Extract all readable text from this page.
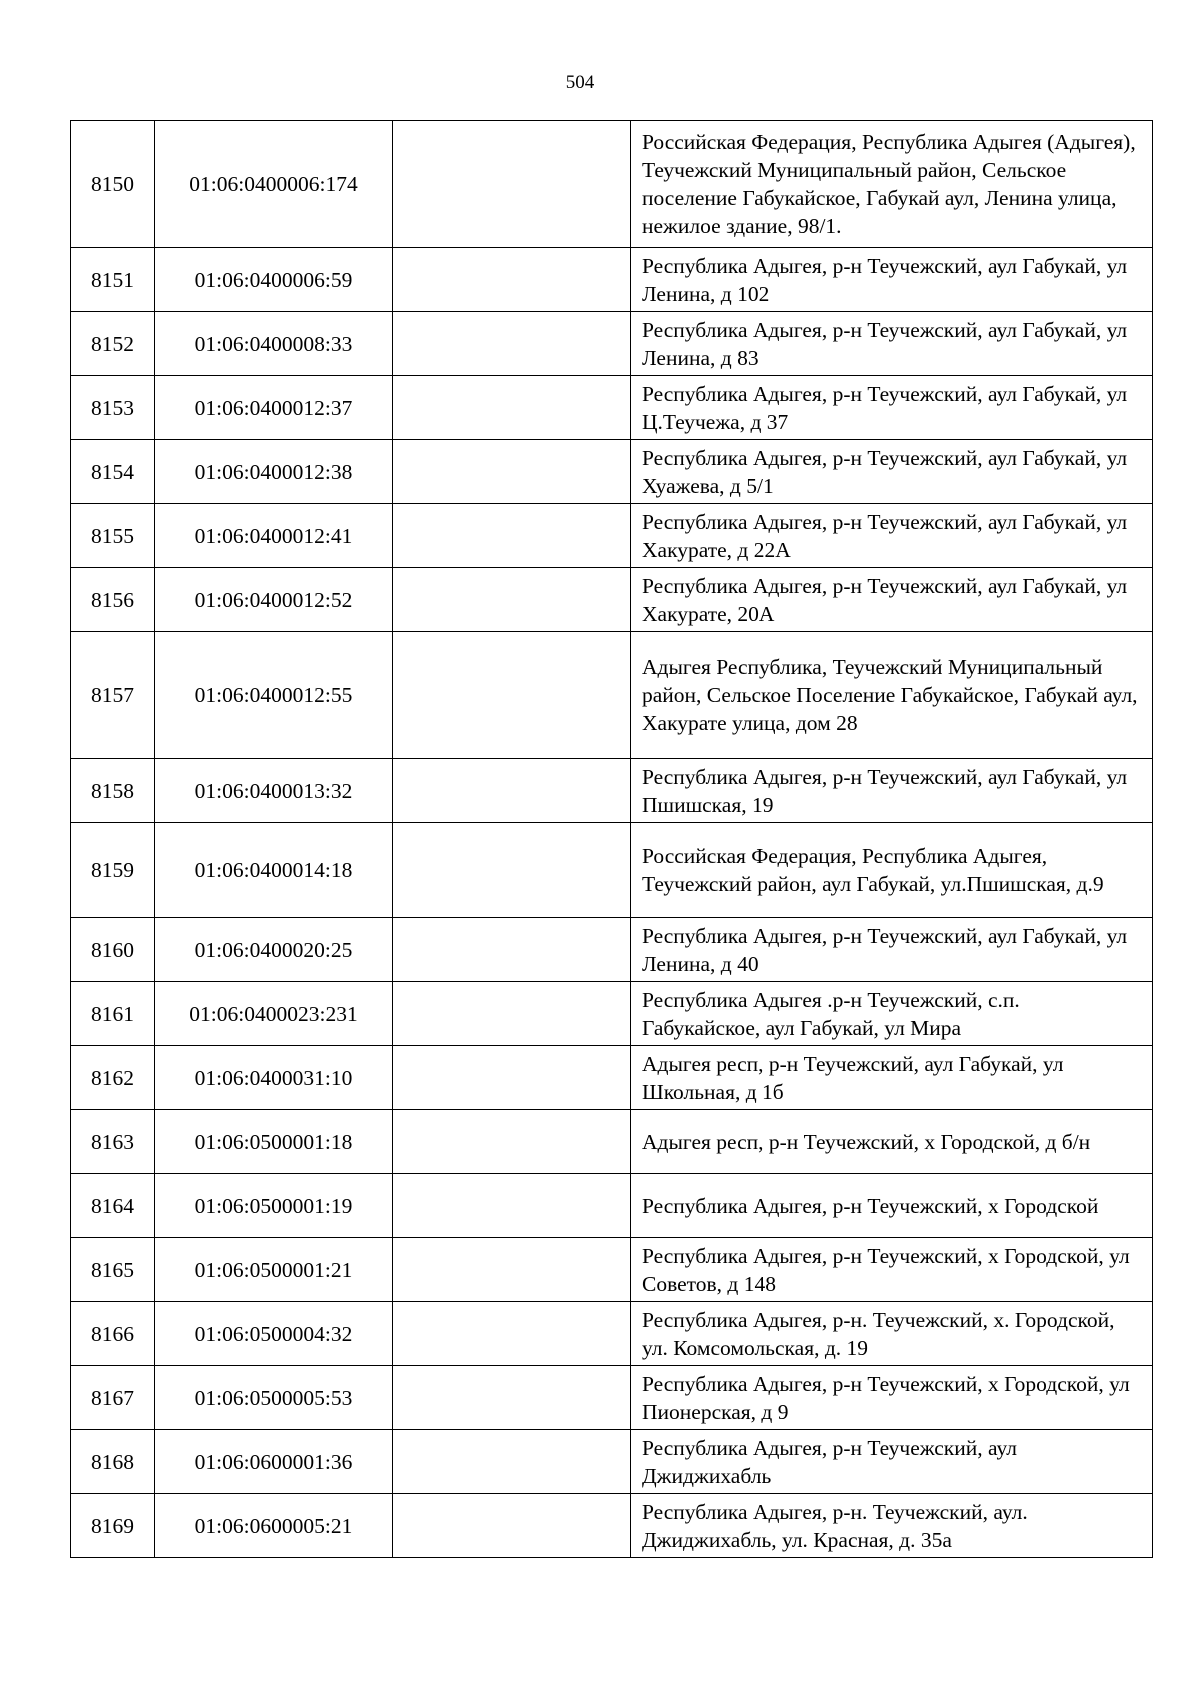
504
8150	01:06:0400006:174		Российская Федерация, Республика Адыгея (Адыгея), Теучежский Муниципальный район, Сельское поселение Габукайское, Габукай аул, Ленина улица, нежилое здание, 98/1.
8151	01:06:0400006:59		Республика Адыгея, р-н Теучежский, аул Габукай, ул Ленина, д 102
8152	01:06:0400008:33		Республика Адыгея, р-н Теучежский, аул Габукай, ул Ленина, д 83
8153	01:06:0400012:37		Республика Адыгея, р-н Теучежский, аул Габукай, ул Ц.Теучежа, д 37
8154	01:06:0400012:38		Республика Адыгея, р-н Теучежский, аул Габукай, ул Хуажева, д 5/1
8155	01:06:0400012:41		Республика Адыгея, р-н Теучежский, аул Габукай, ул Хакурате, д 22А
8156	01:06:0400012:52		Республика Адыгея, р-н Теучежский, аул Габукай, ул Хакурате, 20А
8157	01:06:0400012:55		Адыгея Республика, Теучежский Муниципальный район, Сельское Поселение Габукайское, Габукай аул, Хакурате улица, дом 28
8158	01:06:0400013:32		Республика Адыгея, р-н Теучежский, аул Габукай, ул Пшишская, 19
8159	01:06:0400014:18		Российская Федерация, Республика Адыгея, Теучежский район, аул Габукай, ул.Пшишская, д.9
8160	01:06:0400020:25		Республика Адыгея, р-н Теучежский, аул Габукай, ул Ленина, д 40
8161	01:06:0400023:231		Республика Адыгея .р-н Теучежский, с.п. Габукайское, аул Габукай, ул Мира
8162	01:06:0400031:10		Адыгея респ, р-н Теучежский, аул Габукай, ул Школьная, д 1б
8163	01:06:0500001:18		Адыгея респ, р-н Теучежский, х Городской, д б/н
8164	01:06:0500001:19		Республика Адыгея, р-н Теучежский, х Городской
8165	01:06:0500001:21		Республика Адыгея, р-н Теучежский, х Городской, ул Советов, д 148
8166	01:06:0500004:32		Республика Адыгея, р-н. Теучежский, х. Городской, ул. Комсомольская, д. 19
8167	01:06:0500005:53		Республика Адыгея, р-н Теучежский, х Городской, ул Пионерская, д 9
8168	01:06:0600001:36		Республика Адыгея, р-н Теучежский, аул Джиджихабль
8169	01:06:0600005:21		Республика Адыгея, р-н. Теучежский, аул. Джиджихабль, ул. Красная, д. 35а
